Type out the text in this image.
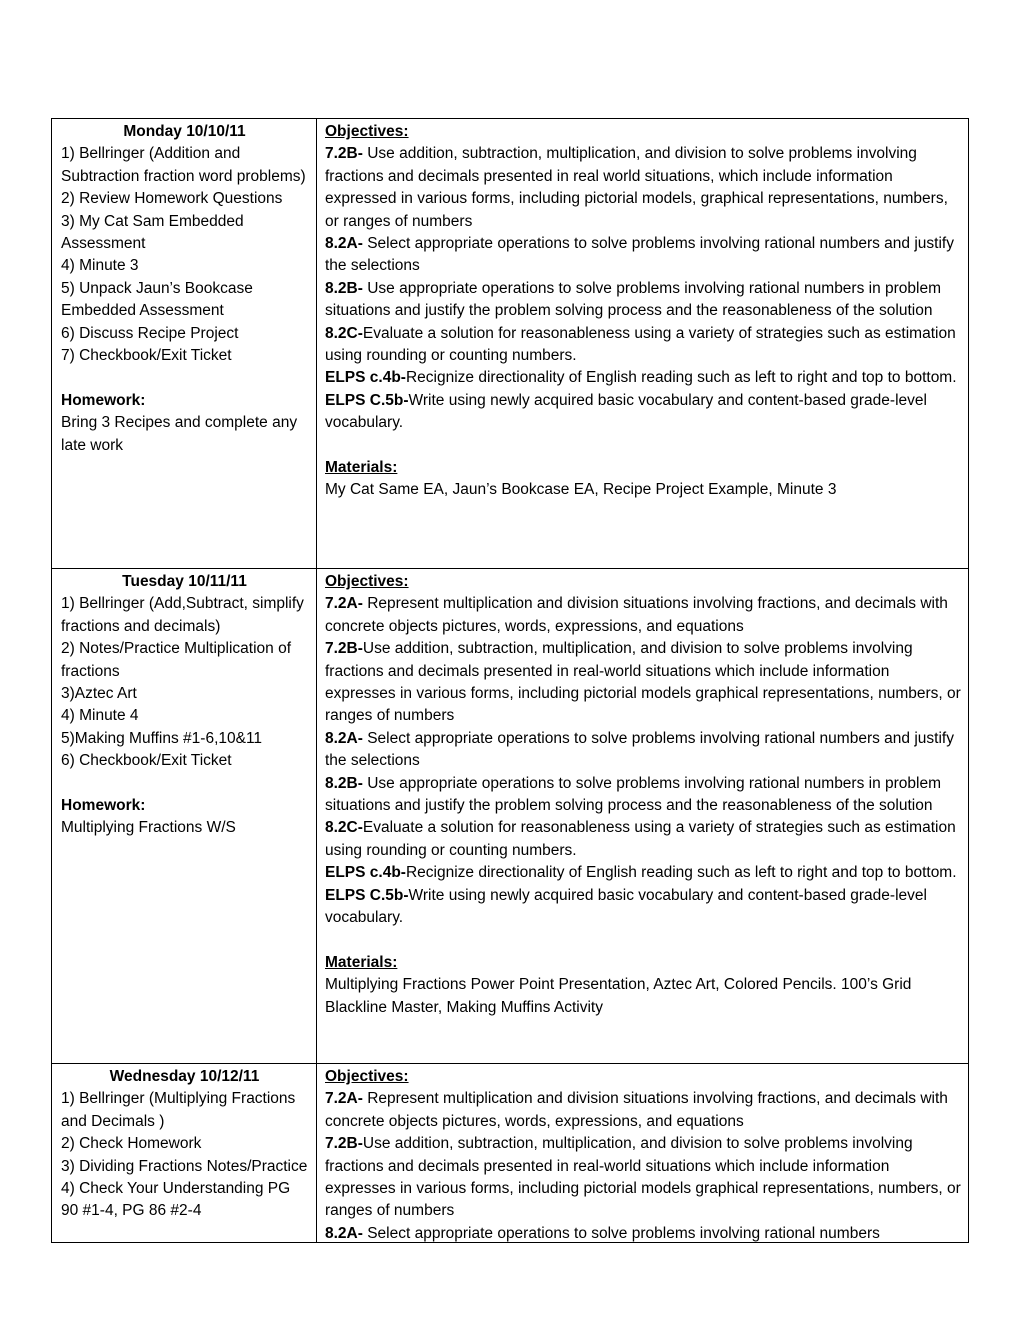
Monday 10/10/11

1) Bellringer (Addition and Subtraction fraction word problems)

2) Review Homework Questions

3) My Cat Sam Embedded Assessment

4) Minute 3

5) Unpack Jaun’s Bookcase Embedded Assessment

6) Discuss Recipe Project

7) Checkbook/Exit Ticket

Homework:

Bring 3 Recipes and complete any late work

Objectives:

7.2B- Use addition, subtraction, multiplication, and division to solve problems involving fractions and decimals presented in real world situations, which include information expressed in various forms, including pictorial models, graphical representations, numbers, or ranges of numbers

8.2A- Select appropriate operations to solve problems involving rational numbers and justify the selections

8.2B- Use appropriate operations to solve problems involving rational numbers in problem situations and justify the problem solving process and the reasonableness of the solution

8.2C-Evaluate a solution for reasonableness using a variety of strategies such as estimation using rounding or counting numbers.

ELPS c.4b-Recignize directionality of English reading such as left to right and top to bottom.

ELPS C.5b-Write using newly acquired basic vocabulary and content-based grade-level vocabulary.

Materials:

My Cat Same EA, Jaun’s Bookcase EA, Recipe Project Example, Minute 3

Tuesday 10/11/11

1) Bellringer (Add,Subtract, simplify fractions and decimals)

2) Notes/Practice Multiplication of fractions

3)Aztec Art

4) Minute 4

5)Making Muffins #1-6,10&11

6) Checkbook/Exit Ticket

Homework:

Multiplying Fractions W/S

Objectives:

7.2A- Represent multiplication and division situations involving fractions, and decimals with concrete objects pictures, words, expressions, and equations

7.2B-Use addition, subtraction, multiplication, and division to solve problems involving fractions and decimals presented in real-world situations which include information expresses in various forms, including pictorial models graphical representations, numbers, or ranges of numbers

8.2A- Select appropriate operations to solve problems involving rational numbers and justify the selections

8.2B- Use appropriate operations to solve problems involving rational numbers in problem situations and justify the problem solving process and the reasonableness of the solution

8.2C-Evaluate a solution for reasonableness using a variety of strategies such as estimation using rounding or counting numbers.

ELPS c.4b-Recignize directionality of English reading such as left to right and top to bottom.

ELPS C.5b-Write using newly acquired basic vocabulary and content-based grade-level vocabulary.

Materials:

Multiplying Fractions Power Point Presentation, Aztec Art, Colored Pencils. 100’s Grid Blackline Master, Making Muffins Activity

Wednesday 10/12/11

1) Bellringer (Multiplying Fractions and Decimals )

2) Check Homework

3) Dividing Fractions Notes/Practice

4) Check Your Understanding PG 90 #1-4, PG 86 #2-4

Objectives:

7.2A- Represent multiplication and division situations involving fractions, and decimals with concrete objects pictures, words, expressions, and equations

7.2B-Use addition, subtraction, multiplication, and division to solve problems involving fractions and decimals presented in real-world situations which include information expresses in various forms, including pictorial models graphical representations, numbers, or ranges of numbers

8.2A- Select appropriate operations to solve problems involving rational numbers
